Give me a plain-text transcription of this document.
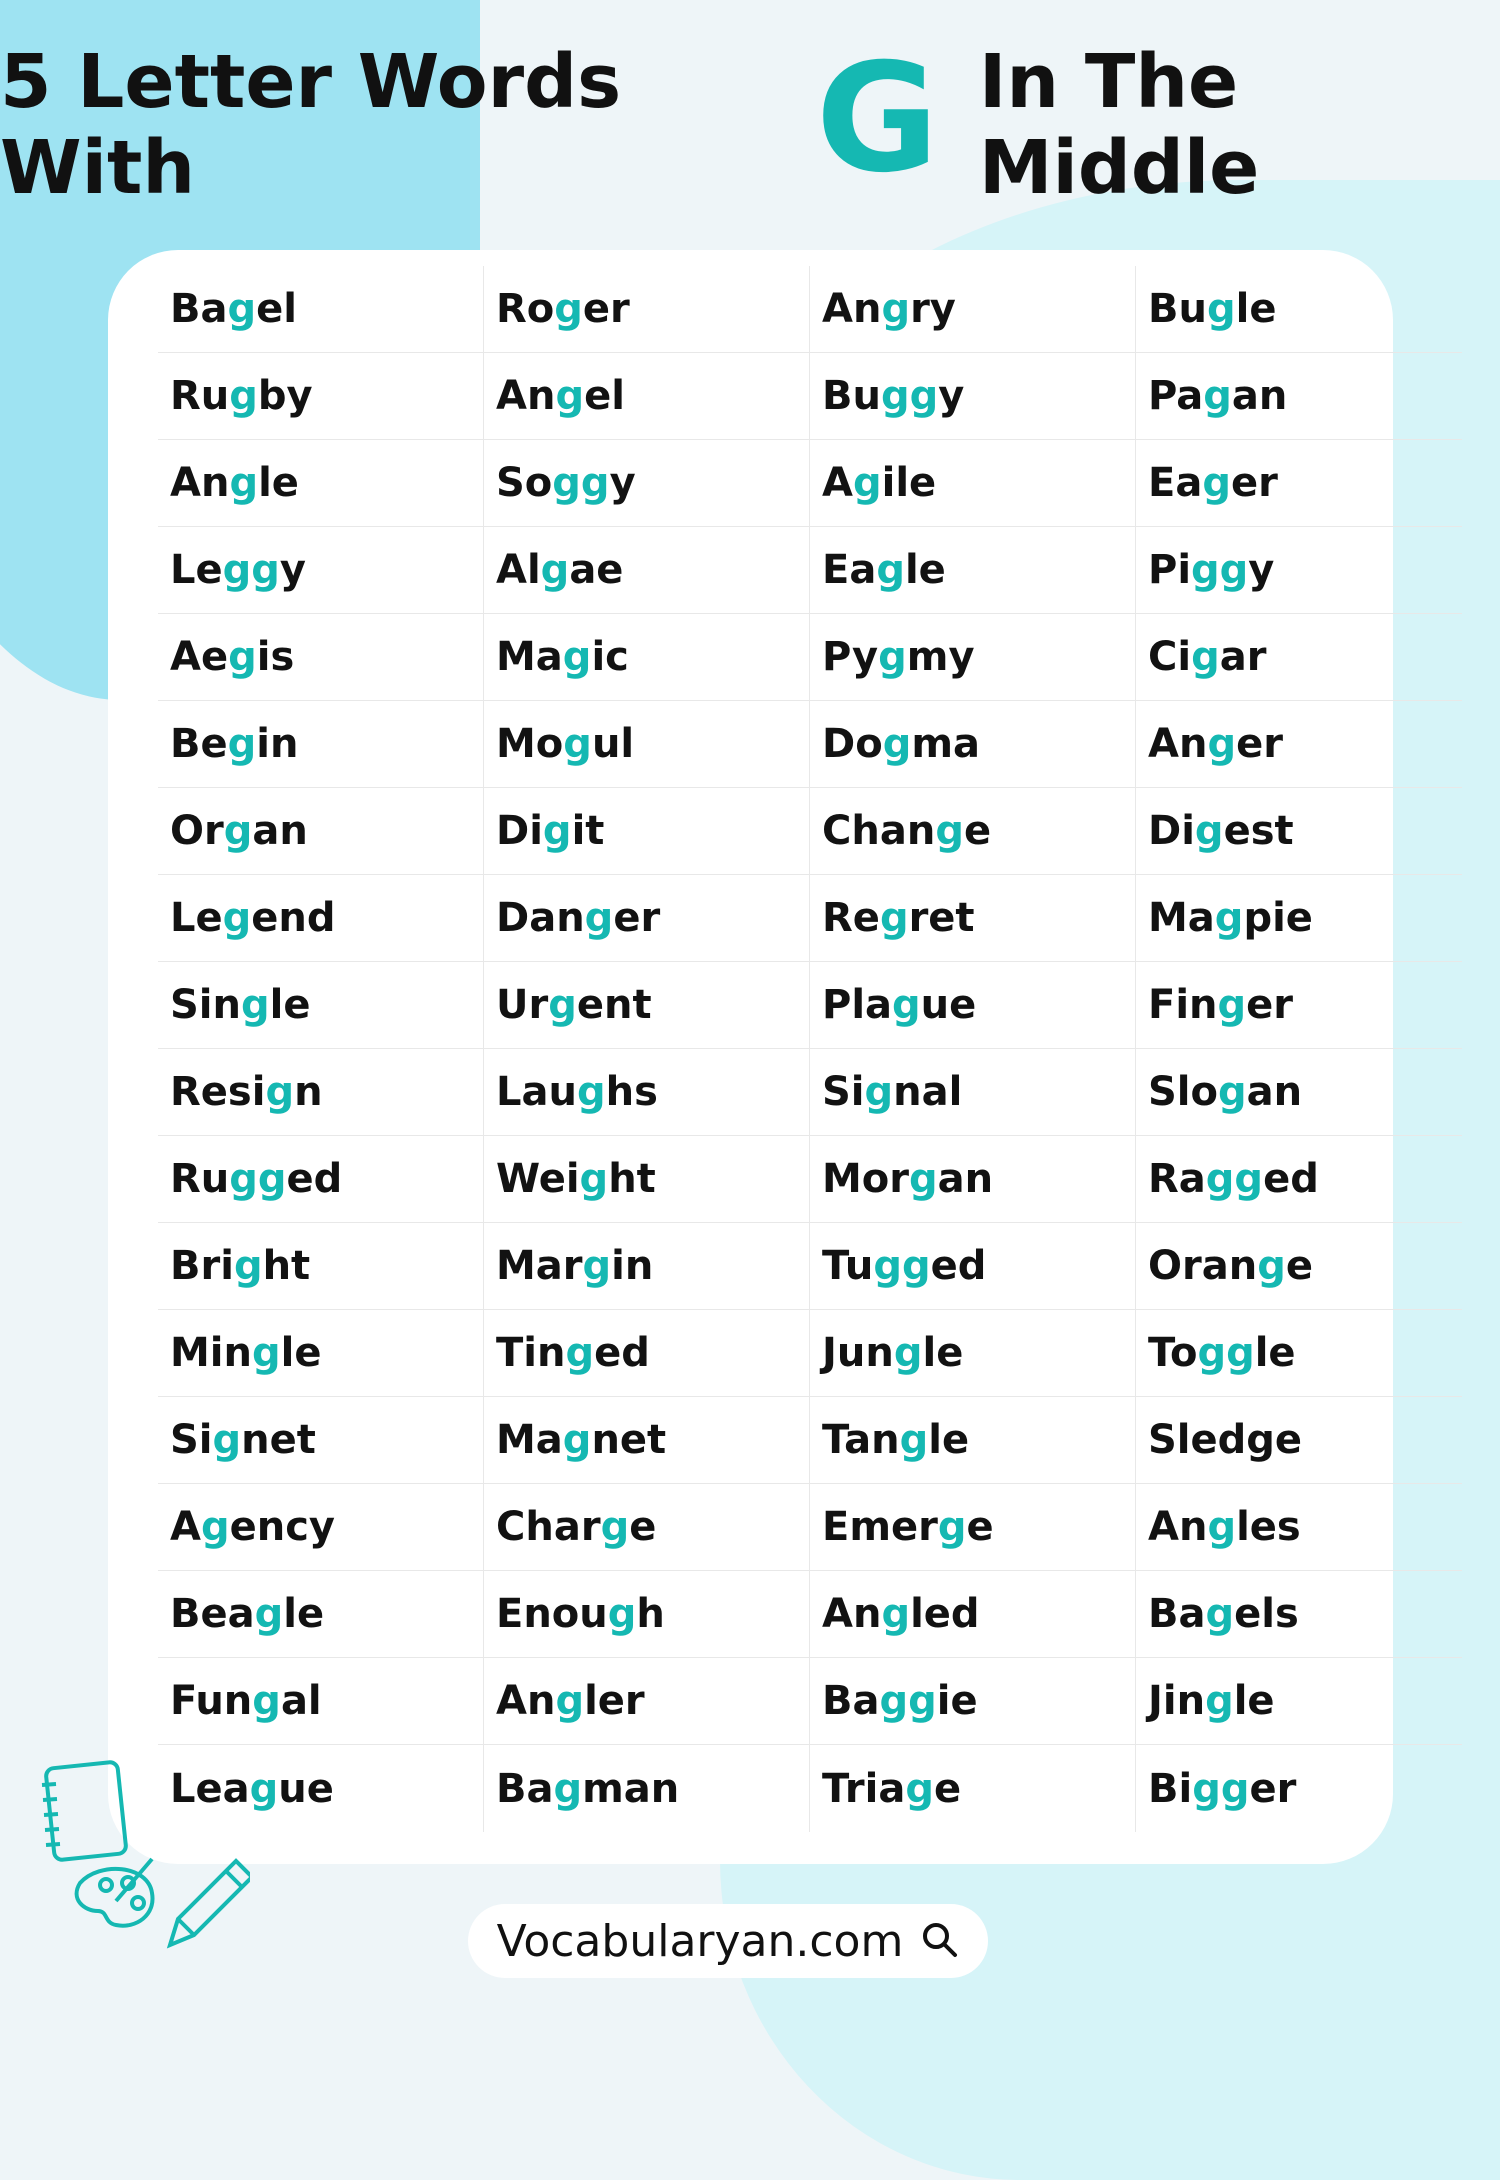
5 Letter Words With	G In The Middle
Ba g el	Ro g er	An g ry	Bu g le
Ru g by	An g el	Bu gg y	Pa g an
An g le	So gg y	A g ile	Ea g er
Le gg y	Al g ae	Ea g le	Pi gg y
Ae g is	Ma g ic	Py g my	Ci g ar
Be g in	Mo g ul	Do g ma	An g er
Or g an	Di g it	Chan g e	Di g est
Le g end	Dan g er	Re g ret	Ma g pie
Sin g le	Ur g ent	Pla g ue	Fin g er
Resi g n	Lau g hs	Si g nal	Slo g an
Ru gg ed	Wei g ht	Mor g an	Ra gg ed
Bri g ht	Mar g in	Tu gg ed	Oran g e
Min g le	Tin g ed	Jun g le	To gg le
Si g net	Ma g net	Tan g le	Sledge
A g ency	Char g e	Emer g e	An g les
Bea g le	Enou g h	An g led	Ba g els
Fun g al	An g ler	Ba gg ie	Jin g le
Lea g ue	Ba g man	Tria g e	Bi gg er
Vocabularyan.com
